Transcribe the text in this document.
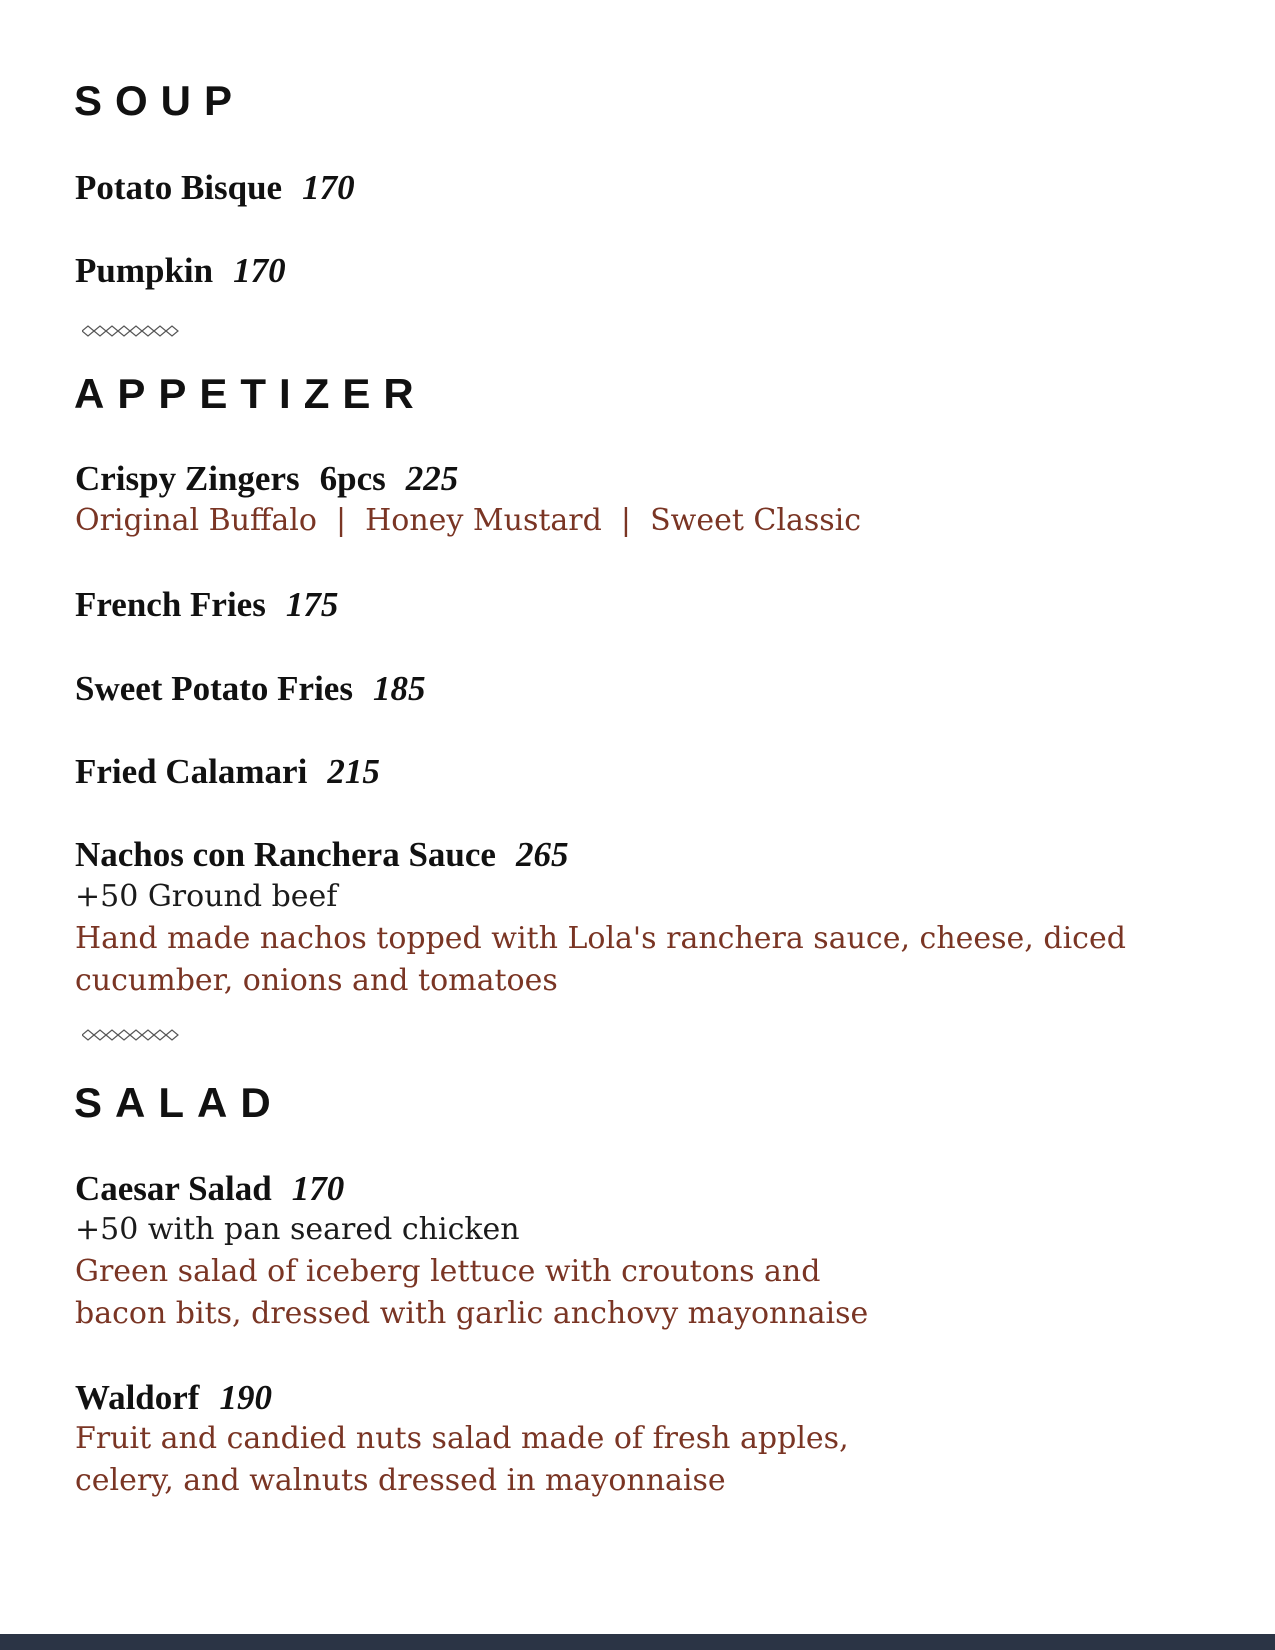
SOUP
Potato Bisque 170
Pumpkin 170
APPETIZER
Crispy Zingers 6pcs 225
Original Buffalo  |  Honey Mustard  |  Sweet Classic
French Fries 175
Sweet Potato Fries 185
Fried Calamari 215
Nachos con Ranchera Sauce 265
+50 Ground beef
Hand made nachos topped with Lola's ranchera sauce, cheese, diced
cucumber, onions and tomatoes
SALAD
Caesar Salad 170
+50 with pan seared chicken
Green salad of iceberg lettuce with croutons and
bacon bits, dressed with garlic anchovy mayonnaise
Waldorf 190
Fruit and candied nuts salad made of fresh apples,
celery, and walnuts dressed in mayonnaise
